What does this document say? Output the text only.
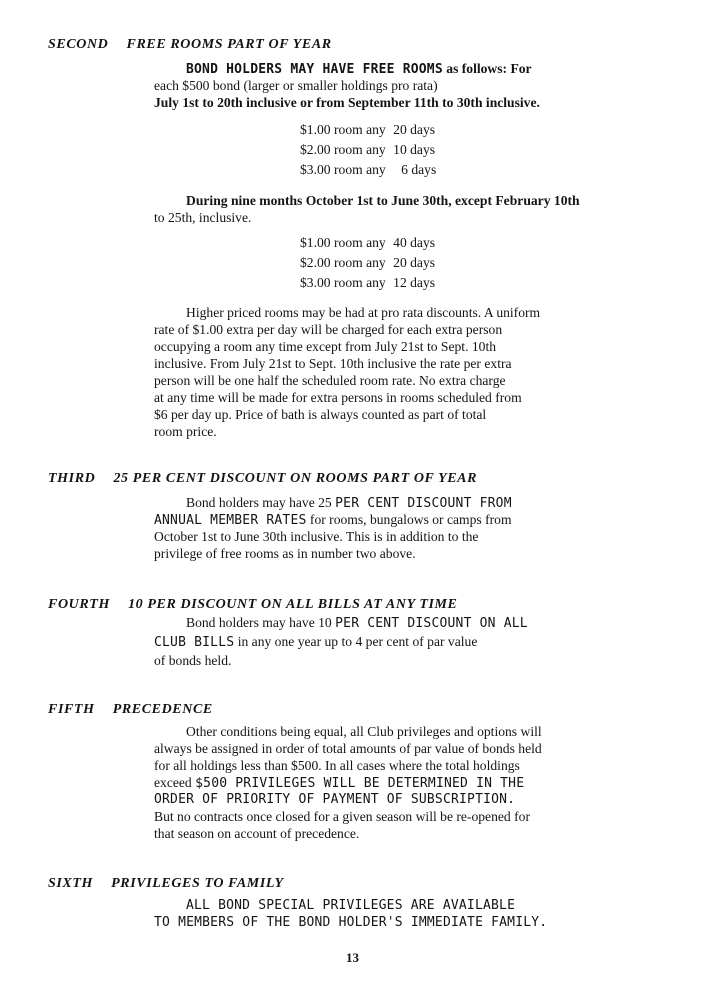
SECOND FREE ROOMS PART OF YEAR
BOND HOLDERS MAY HAVE FREE ROOMS as follows: For
each $500 bond (larger or smaller holdings pro rata)
July 1st to 20th inclusive or from September 11th to 30th inclusive.
$1.00 room any 20 days
$2.00 room any 10 days
$3.00 room any 6 days
During nine months October 1st to June 30th, except February 10th
to 25th, inclusive.
$1.00 room any 40 days
$2.00 room any 20 days
$3.00 room any 12 days
Higher priced rooms may be had at pro rata discounts. A uniform
rate of $1.00 extra per day will be charged for each extra person
occupying a room any time except from July 21st to Sept. 10th
inclusive. From July 21st to Sept. 10th inclusive the rate per extra
person will be one half the scheduled room rate. No extra charge
at any time will be made for extra persons in rooms scheduled from
$6 per day up. Price of bath is always counted as part of total
room price.
THIRD 25 PER CENT DISCOUNT ON ROOMS PART OF YEAR
Bond holders may have 25 PER CENT DISCOUNT FROM
ANNUAL MEMBER RATES for rooms, bungalows or camps from
October 1st to June 30th inclusive. This is in addition to the
privilege of free rooms as in number two above.
FOURTH 10 PER DISCOUNT ON ALL BILLS AT ANY TIME
Bond holders may have 10 PER CENT DISCOUNT ON ALL
CLUB BILLS in any one year up to 4 per cent of par value
of bonds held.
FIFTH PRECEDENCE
Other conditions being equal, all Club privileges and options will
always be assigned in order of total amounts of par value of bonds held
for all holdings less than $500. In all cases where the total holdings
exceed $500 PRIVILEGES WILL BE DETERMINED IN THE
ORDER OF PRIORITY OF PAYMENT OF SUBSCRIPTION.
But no contracts once closed for a given season will be re-opened for
that season on account of precedence.
SIXTH PRIVILEGES TO FAMILY
ALL BOND SPECIAL PRIVILEGES ARE AVAILABLE
TO MEMBERS OF THE BOND HOLDER'S IMMEDIATE FAMILY.
13
